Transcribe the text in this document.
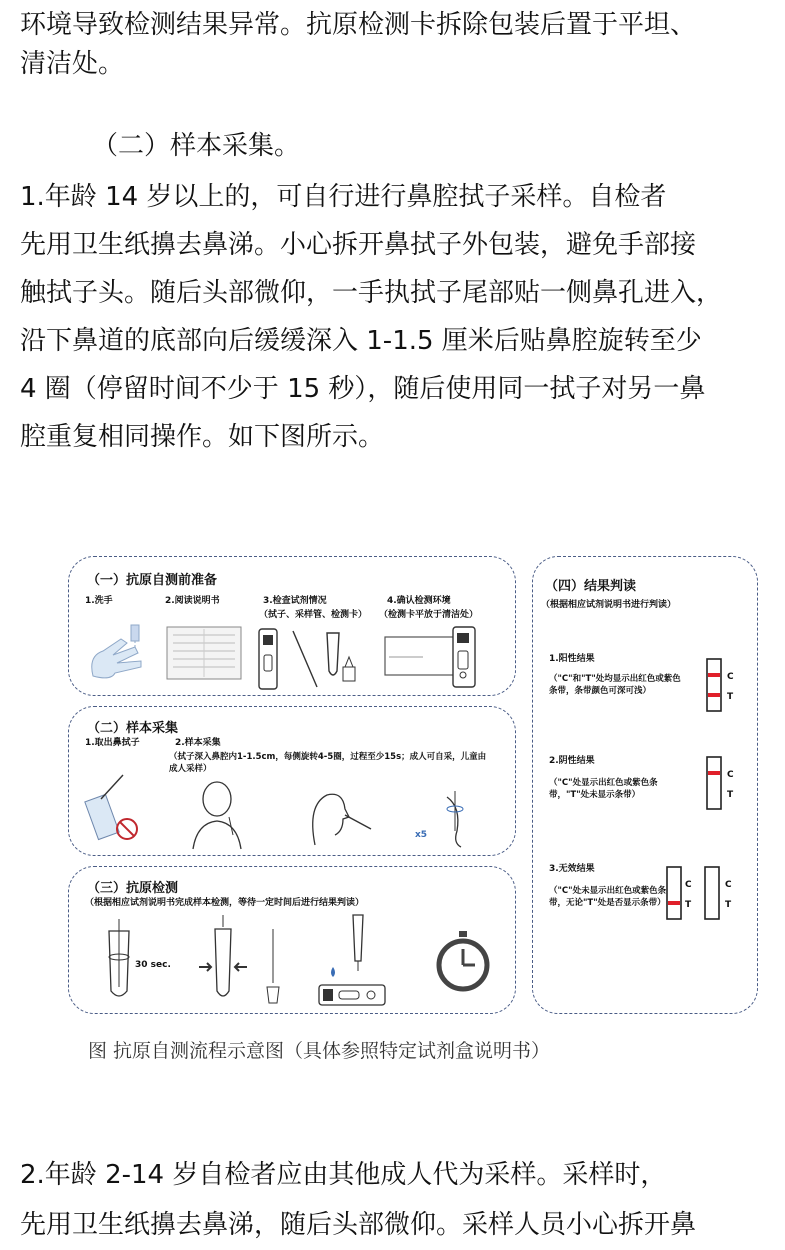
环境导致检测结果异常。抗原检测卡拆除包装后置于平坦、
清洁处。
（二）样本采集。
1.年龄 14 岁以上的，可自行进行鼻腔拭子采样。自检者
先用卫生纸擤去鼻涕。小心拆开鼻拭子外包装，避免手部接
触拭子头。随后头部微仰，一手执拭子尾部贴一侧鼻孔进入，
沿下鼻道的底部向后缓缓深入 1-1.5 厘米后贴鼻腔旋转至少
4 圈（停留时间不少于 15 秒），随后使用同一拭子对另一鼻
腔重复相同操作。如下图所示。
（一）抗原自测前准备
1.洗手	2.阅读说明书	3.检查试剂情况
（拭子、采样管、检测卡）
4.确认检测环境
（检测卡平放于清洁处）
（二）样本采集
1.取出鼻拭子	2.样本采集
（拭子深入鼻腔内1-1.5cm，每侧旋转4-5圈，过程至少15s；成人可自采，儿童由成人采样）
x5
（三）抗原检测
（根据相应试剂说明书完成样本检测，等待一定时间后进行结果判读）
30 sec.
（四）结果判读
（根据相应试剂说明书进行判读）
1.阳性结果
（"C"和"T"处均显示出红色或紫色条带，条带颜色可深可浅）
C
T
2.阴性结果
（"C"处显示出红色或紫色条带，"T"处未显示条带）
C
T
3.无效结果
（"C"处未显示出红色或紫色条带，无论"T"处是否显示条带）
C
T
C
T
图 抗原自测流程示意图（具体参照特定试剂盒说明书）
2.年龄 2-14 岁自检者应由其他成人代为采样。采样时，
先用卫生纸擤去鼻涕，随后头部微仰。采样人员小心拆开鼻
